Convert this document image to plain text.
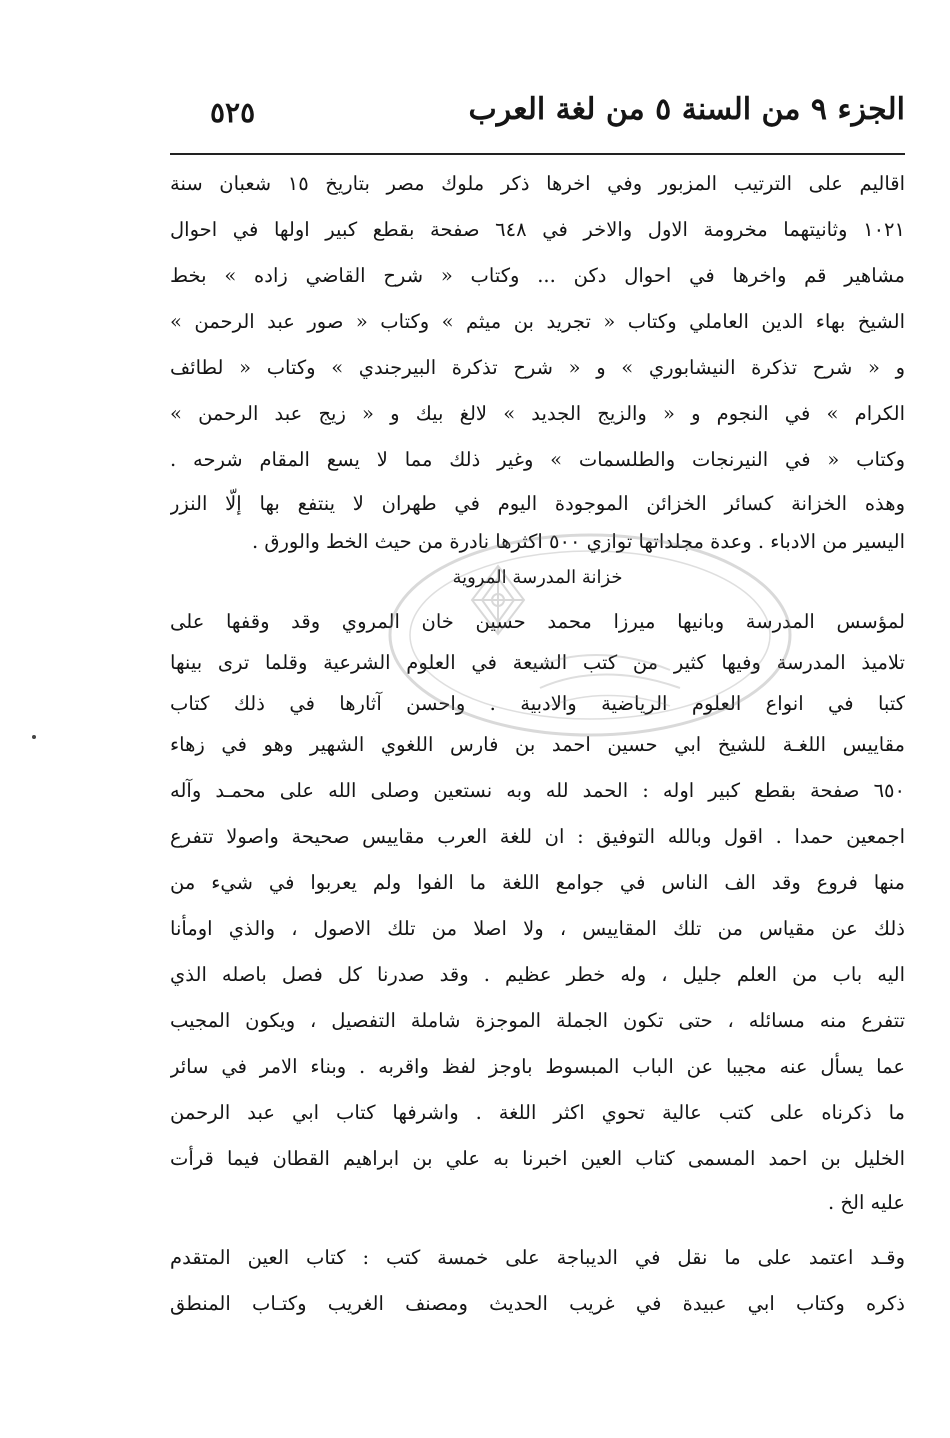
الجزء ٩ من السنة ٥ من لغة العرب
٥٢٥
اقاليم على الترتيب المزبور وفي اخرها ذكر ملوك مصر بتاريخ ١٥ شعبان سنة
١٠٢١ وثانيتهما مخرومة الاول والاخر في ٦٤٨ صفحة بقطع كبير اولها في احوال
مشاهير قم واخرها في احوال دكن ... وكتاب « شرح القاضي زاده » بخط
الشيخ بهاء الدين العاملي وكتاب « تجريد بن ميثم » وكتاب « صور عبد الرحمن »
و « شرح تذكرة النيشابوري » و « شرح تذكرة البيرجندي » وكتاب « لطائف
الكرام » في النجوم و « والزيج الجديد » لالغ بيك و « زيج عبد الرحمن »
وكتاب « في النيرنجات والطلسمات » وغير ذلك مما لا يسع المقام شرحه .
وهذه الخزانة كسائر الخزائن الموجودة اليوم في طهران لا ينتفع بها إلّا النزر
اليسير من الادباء . وعدة مجلداتها توازي ٥٠٠ اكثرها نادرة من حيث الخط والورق .
خزانة المدرسة المروية
لمؤسس المدرسة وبانيها ميرزا محمد حسين خان المروي وقد وقفها على
تلاميذ المدرسة وفيها كثير من كتب الشيعة في العلوم الشرعية وقلما ترى بينها
كتبا في انواع العلوم الرياضية والادبية . واحسن آثارها في ذلك كتاب
مقاييس اللغـة للشيخ ابي حسين احمد بن فارس اللغوي الشهير وهو في زهاء
٦٥٠ صفحة بقطع كبير اوله : الحمد لله وبه نستعين وصلى الله على محمـد وآله
اجمعين حمدا . اقول وبالله التوفيق : ان للغة العرب مقاييس صحيحة واصولا تتفرع
منها فروع وقد الف الناس في جوامع اللغة ما الفوا ولم يعربوا في شيء من
ذلك عن مقياس من تلك المقاييس ، ولا اصلا من تلك الاصول ، والذي اومأنا
اليه باب من العلم جليل ، وله خطر عظيم . وقد صدرنا كل فصل باصله الذي
تتفرع منه مسائله ، حتى تكون الجملة الموجزة شاملة التفصيل ، ويكون المجيب
عما يسأل عنه مجيبا عن الباب المبسوط باوجز لفظ واقربه . وبناء الامر في سائر
ما ذكرناه على كتب عالية تحوي اكثر اللغة . واشرفها كتاب ابي عبد الرحمن
الخليل بن احمد المسمى كتاب العين اخبرنا به علي بن ابراهيم القطان فيما قرأت
عليه الخ .
وقـد اعتمد على ما نقل في الديباجة على خمسة كتب : كتاب العين المتقدم
ذكره وكتاب ابي عبيدة في غريب الحديث ومصنف الغريب وكتـاب المنطق
